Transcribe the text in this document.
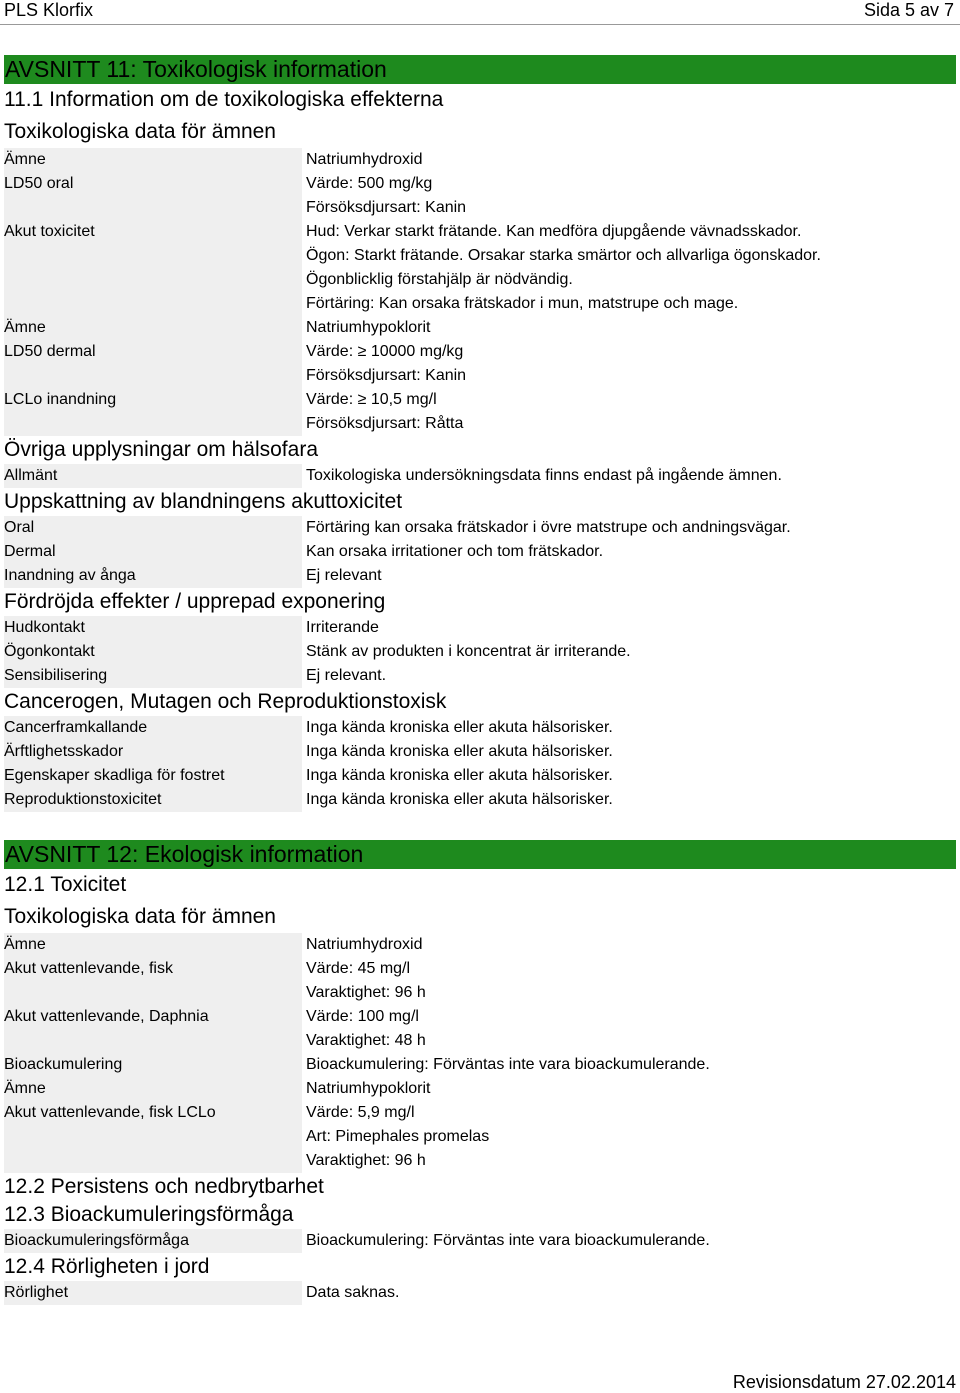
PLS Klorfix	Sida 5 av 7
AVSNITT 11: Toxikologisk information
11.1 Information om de toxikologiska effekterna
Toxikologiska data för ämnen
Ämne	Natriumhydroxid
LD50 oral	Värde: 500 mg/kg
Försöksdjursart: Kanin
Akut toxicitet	Hud: Verkar starkt frätande. Kan medföra djupgående vävnadsskador.
Ögon: Starkt frätande. Orsakar starka smärtor och allvarliga ögonskador.
Ögonblicklig förstahjälp är nödvändig.
Förtäring: Kan orsaka frätskador i mun, matstrupe och mage.
Ämne	Natriumhypoklorit
LD50 dermal	Värde: ≥ 10000 mg/kg
Försöksdjursart: Kanin
LCLo inandning	Värde: ≥ 10,5 mg/l
Försöksdjursart: Råtta
Övriga upplysningar om hälsofara
Allmänt	Toxikologiska undersökningsdata finns endast på ingående ämnen.
Uppskattning av blandningens akuttoxicitet
Oral	Förtäring kan orsaka frätskador i övre matstrupe och andningsvägar.
Dermal	Kan orsaka irritationer och tom frätskador.
Inandning av ånga	Ej relevant
Fördröjda effekter / upprepad exponering
Hudkontakt	Irriterande
Ögonkontakt	Stänk av produkten i koncentrat är irriterande.
Sensibilisering	Ej relevant.
Cancerogen, Mutagen och Reproduktionstoxisk
Cancerframkallande	Inga kända kroniska eller akuta hälsorisker.
Ärftlighetsskador	Inga kända kroniska eller akuta hälsorisker.
Egenskaper skadliga för fostret	Inga kända kroniska eller akuta hälsorisker.
Reproduktionstoxicitet	Inga kända kroniska eller akuta hälsorisker.
AVSNITT 12: Ekologisk information
12.1 Toxicitet
Toxikologiska data för ämnen
Ämne	Natriumhydroxid
Akut vattenlevande, fisk	Värde: 45 mg/l
Varaktighet: 96 h
Akut vattenlevande, Daphnia	Värde: 100 mg/l
Varaktighet: 48 h
Bioackumulering	Bioackumulering: Förväntas inte vara bioackumulerande.
Ämne	Natriumhypoklorit
Akut vattenlevande, fisk LCLo	Värde: 5,9 mg/l
Art: Pimephales promelas
Varaktighet: 96 h
12.2 Persistens och nedbrytbarhet
12.3 Bioackumuleringsförmåga
Bioackumuleringsförmåga	Bioackumulering: Förväntas inte vara bioackumulerande.
12.4 Rörligheten i jord
Rörlighet	Data saknas.
Revisionsdatum 27.02.2014
